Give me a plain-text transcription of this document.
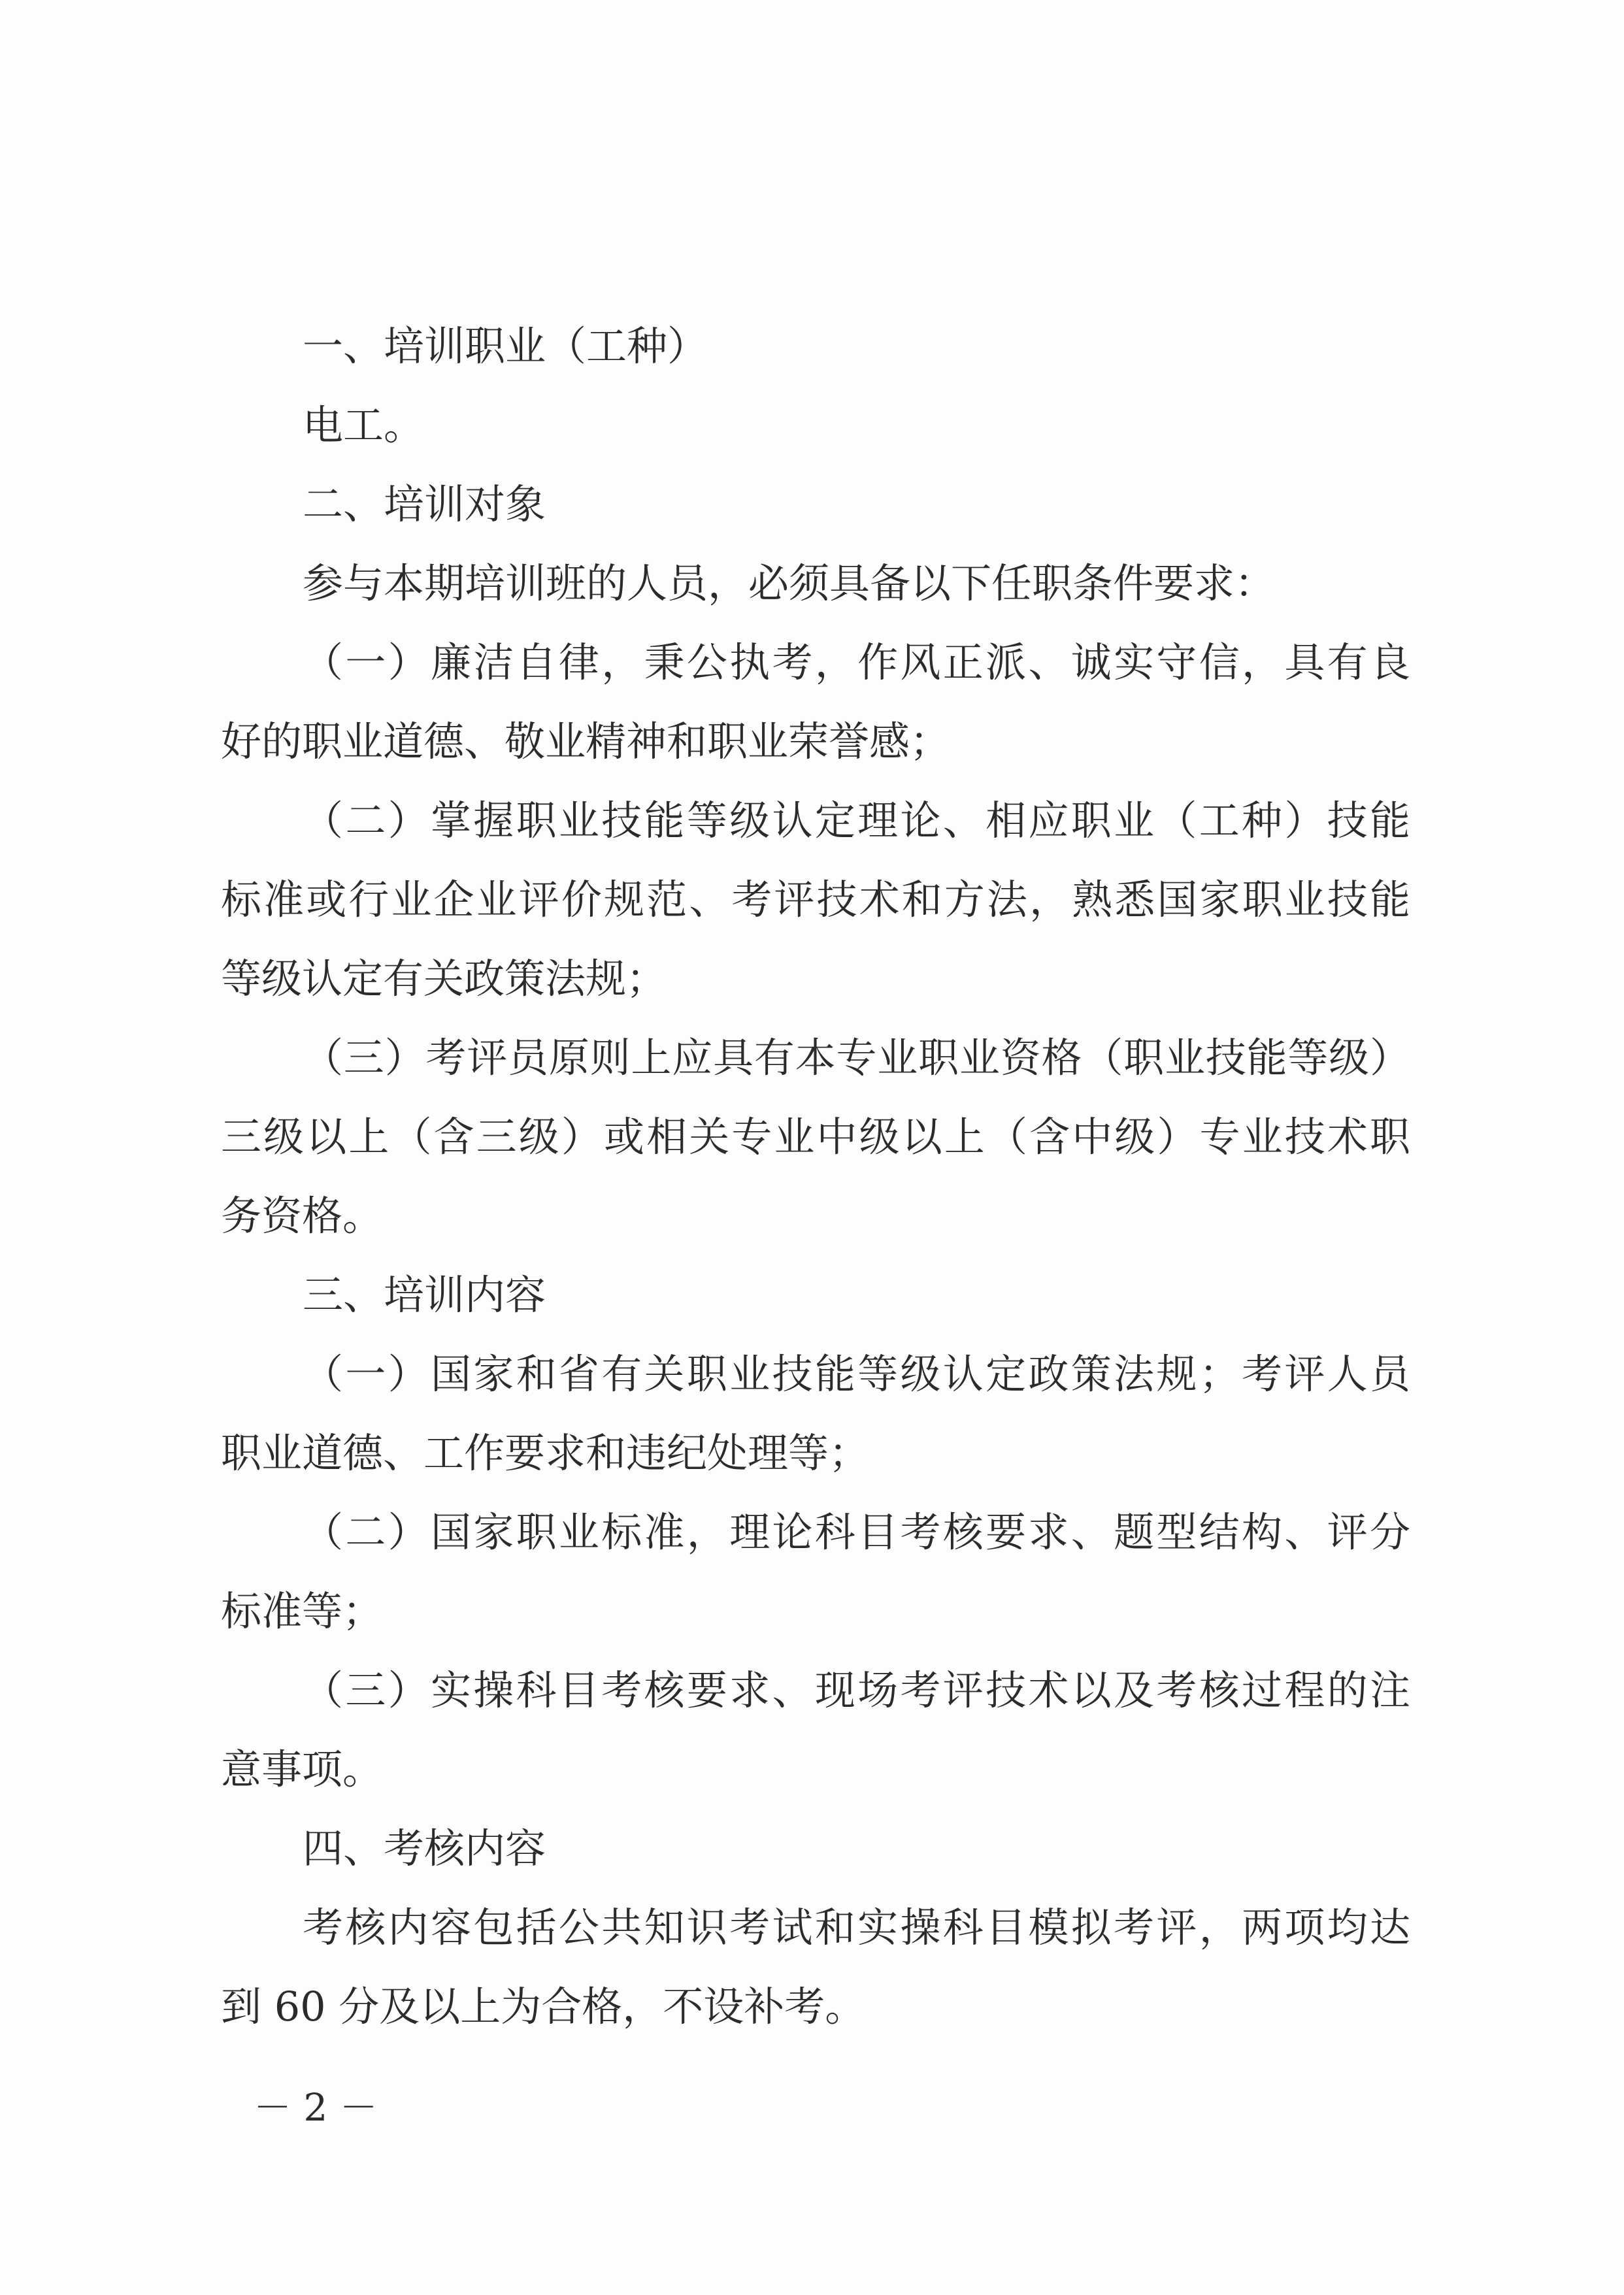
一、培训职业（工种）
电工。
二、培训对象
参与本期培训班的人员，必须具备以下任职条件要求：
（一）廉洁自律，秉公执考，作风正派、诚实守信，具有良
好的职业道德、敬业精神和职业荣誉感；
（二）掌握职业技能等级认定理论、相应职业（工种）技能
标准或行业企业评价规范、考评技术和方法，熟悉国家职业技能
等级认定有关政策法规；
（三）考评员原则上应具有本专业职业资格（职业技能等级）
三级以上（含三级）或相关专业中级以上（含中级）专业技术职
务资格。
三、培训内容
（一）国家和省有关职业技能等级认定政策法规；考评人员
职业道德、工作要求和违纪处理等；
（二）国家职业标准，理论科目考核要求、题型结构、评分
标准等；
（三）实操科目考核要求、现场考评技术以及考核过程的注
意事项。
四、考核内容
考核内容包括公共知识考试和实操科目模拟考评，两项均达
到 60 分及以上为合格，不设补考。
－ 2 －
